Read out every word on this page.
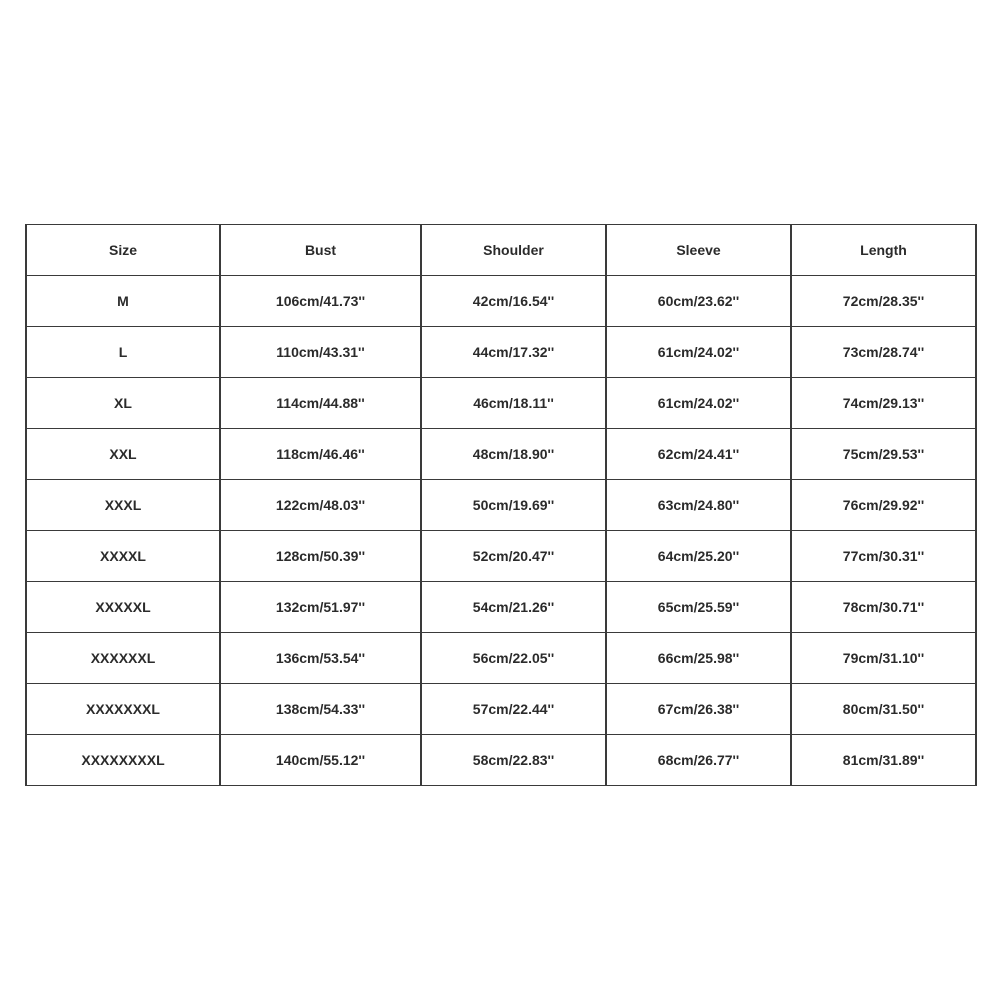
Size	Bust	Shoulder	Sleeve	Length
M	106cm/41.73''	42cm/16.54''	60cm/23.62''	72cm/28.35''
L	110cm/43.31''	44cm/17.32''	61cm/24.02''	73cm/28.74''
XL	114cm/44.88''	46cm/18.11''	61cm/24.02''	74cm/29.13''
XXL	118cm/46.46''	48cm/18.90''	62cm/24.41''	75cm/29.53''
XXXL	122cm/48.03''	50cm/19.69''	63cm/24.80''	76cm/29.92''
XXXXL	128cm/50.39''	52cm/20.47''	64cm/25.20''	77cm/30.31''
XXXXXL	132cm/51.97''	54cm/21.26''	65cm/25.59''	78cm/30.71''
XXXXXXL	136cm/53.54''	56cm/22.05''	66cm/25.98''	79cm/31.10''
XXXXXXXL	138cm/54.33''	57cm/22.44''	67cm/26.38''	80cm/31.50''
XXXXXXXXL	140cm/55.12''	58cm/22.83''	68cm/26.77''	81cm/31.89''
